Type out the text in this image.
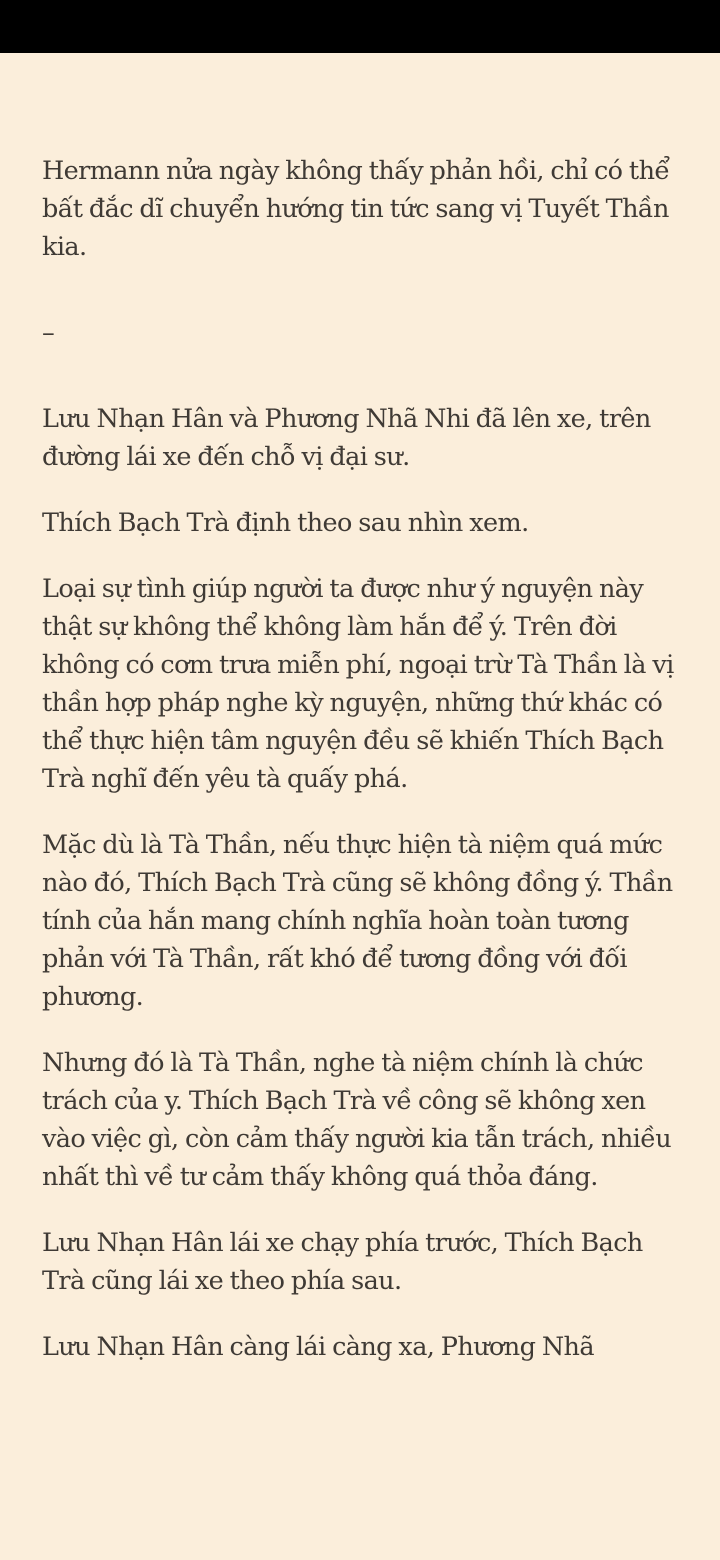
Hermann nửa ngày không thấy phản hồi, chỉ có thể bất đắc dĩ chuyển hướng tin tức sang vị Tuyết Thần kia.

–

Lưu Nhạn Hân và Phương Nhã Nhi đã lên xe, trên đường lái xe đến chỗ vị đại sư.

Thích Bạch Trà định theo sau nhìn xem.

Loại sự tình giúp người ta được như ý nguyện này thật sự không thể không làm hắn để ý. Trên đời không có cơm trưa miễn phí, ngoại trừ Tà Thần là vị thần hợp pháp nghe kỳ nguyện, những thứ khác có thể thực hiện tâm nguyện đều sẽ khiến Thích Bạch Trà nghĩ đến yêu tà quấy phá.

Mặc dù là Tà Thần, nếu thực hiện tà niệm quá mức nào đó, Thích Bạch Trà cũng sẽ không đồng ý. Thần tính của hắn mang chính nghĩa hoàn toàn tương phản với Tà Thần, rất khó để tương đồng với đối phương.

Nhưng đó là Tà Thần, nghe tà niệm chính là chức trách của y. Thích Bạch Trà về công sẽ không xen vào việc gì, còn cảm thấy người kia tẫn trách, nhiều nhất thì về tư cảm thấy không quá thỏa đáng.

Lưu Nhạn Hân lái xe chạy phía trước, Thích Bạch Trà cũng lái xe theo phía sau.

Lưu Nhạn Hân càng lái càng xa, Phương Nhã
